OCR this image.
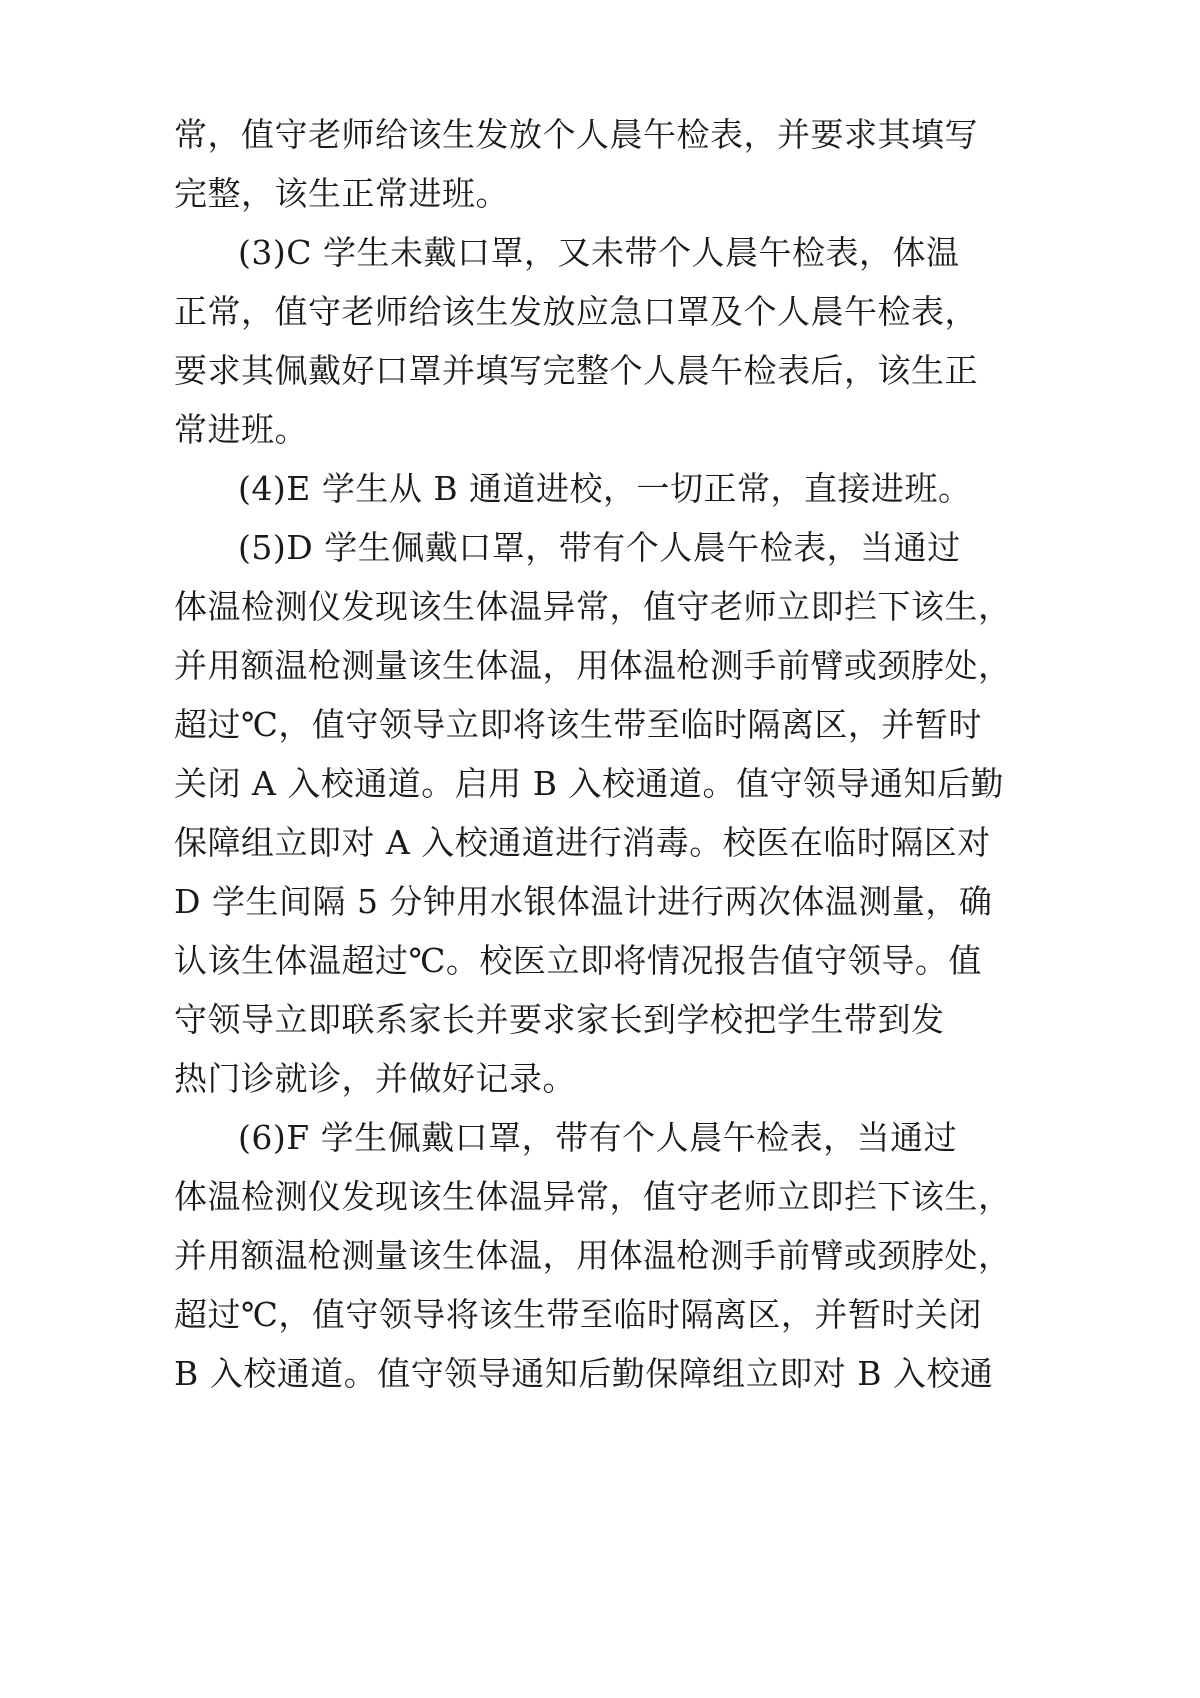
常，值守老师给该生发放个人晨午检表，并要求其填写
完整，该生正常进班。
(3)C 学生未戴口罩，又未带个人晨午检表，体温
正常，值守老师给该生发放应急口罩及个人晨午检表，
要求其佩戴好口罩并填写完整个人晨午检表后，该生正
常进班。
(4)E 学生从 B 通道进校，一切正常，直接进班。
(5)D 学生佩戴口罩，带有个人晨午检表，当通过
体温检测仪发现该生体温异常，值守老师立即拦下该生，
并用额温枪测量该生体温，用体温枪测手前臂或颈脖处，
超过℃，值守领导立即将该生带至临时隔离区，并暂时
关闭 A 入校通道。启用 B 入校通道。值守领导通知后勤
保障组立即对 A 入校通道进行消毒。校医在临时隔区对
D 学生间隔 5 分钟用水银体温计进行两次体温测量，确
认该生体温超过℃。校医立即将情况报告值守领导。值
守领导立即联系家长并要求家长到学校把学生带到发
热门诊就诊，并做好记录。
(6)F 学生佩戴口罩，带有个人晨午检表，当通过
体温检测仪发现该生体温异常，值守老师立即拦下该生，
并用额温枪测量该生体温，用体温枪测手前臂或颈脖处，
超过℃，值守领导将该生带至临时隔离区，并暂时关闭
B 入校通道。值守领导通知后勤保障组立即对 B 入校通
